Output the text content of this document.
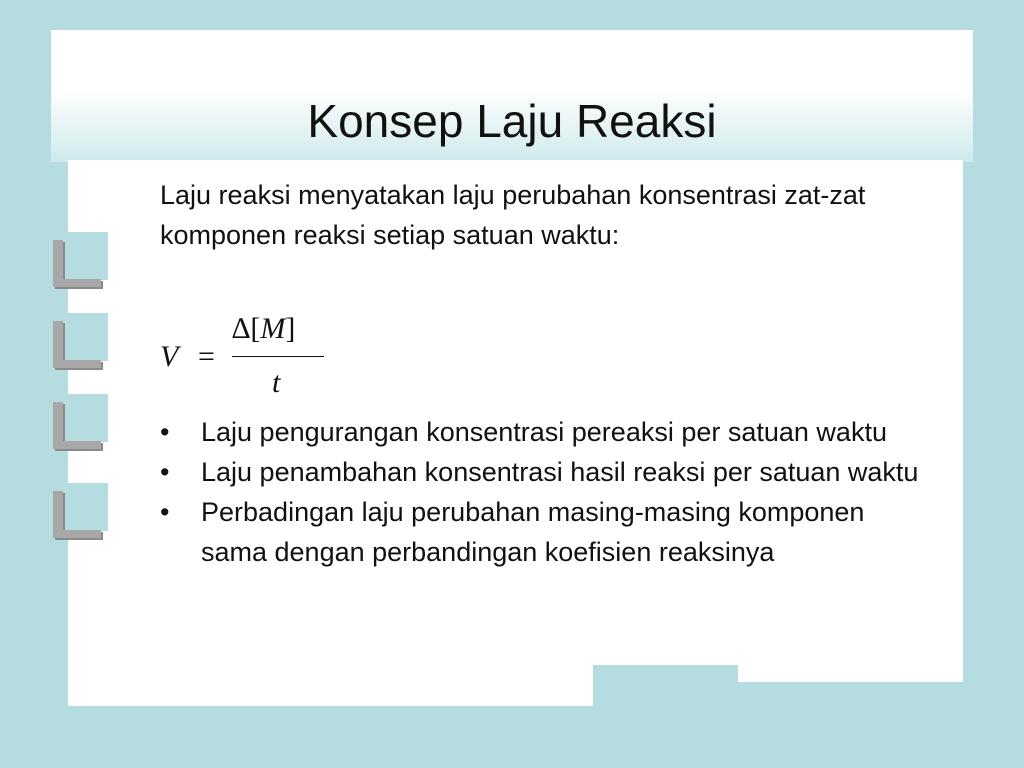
Konsep Laju Reaksi

Laju reaksi menyatakan laju perubahan konsentrasi zat-zat komponen reaksi setiap satuan waktu:

V =
∆[M]
t
• Laju pengurangan konsentrasi pereaksi per satuan waktu
• Laju penambahan konsentrasi hasil reaksi per satuan waktu
• Perbadingan laju perubahan masing-masing komponen sama dengan perbandingan koefisien reaksinya
